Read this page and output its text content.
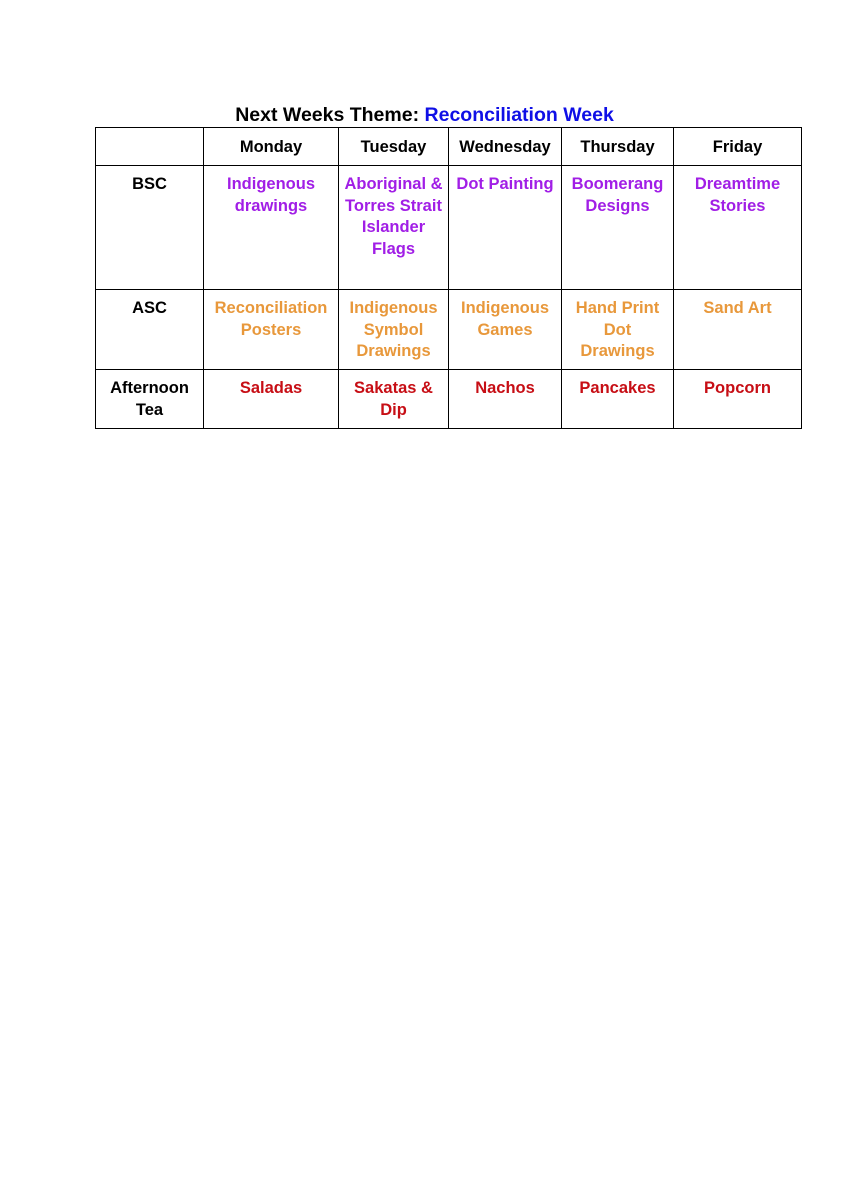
Next Weeks Theme: Reconciliation Week
	Monday	Tuesday	Wednesday	Thursday	Friday
BSC	Indigenous drawings	Aboriginal & Torres Strait Islander Flags	Dot Painting	Boomerang Designs	Dreamtime Stories
ASC	Reconciliation Posters	Indigenous Symbol Drawings	Indigenous Games	Hand Print Dot Drawings	Sand Art
Afternoon Tea	Saladas	Sakatas & Dip	Nachos	Pancakes	Popcorn
